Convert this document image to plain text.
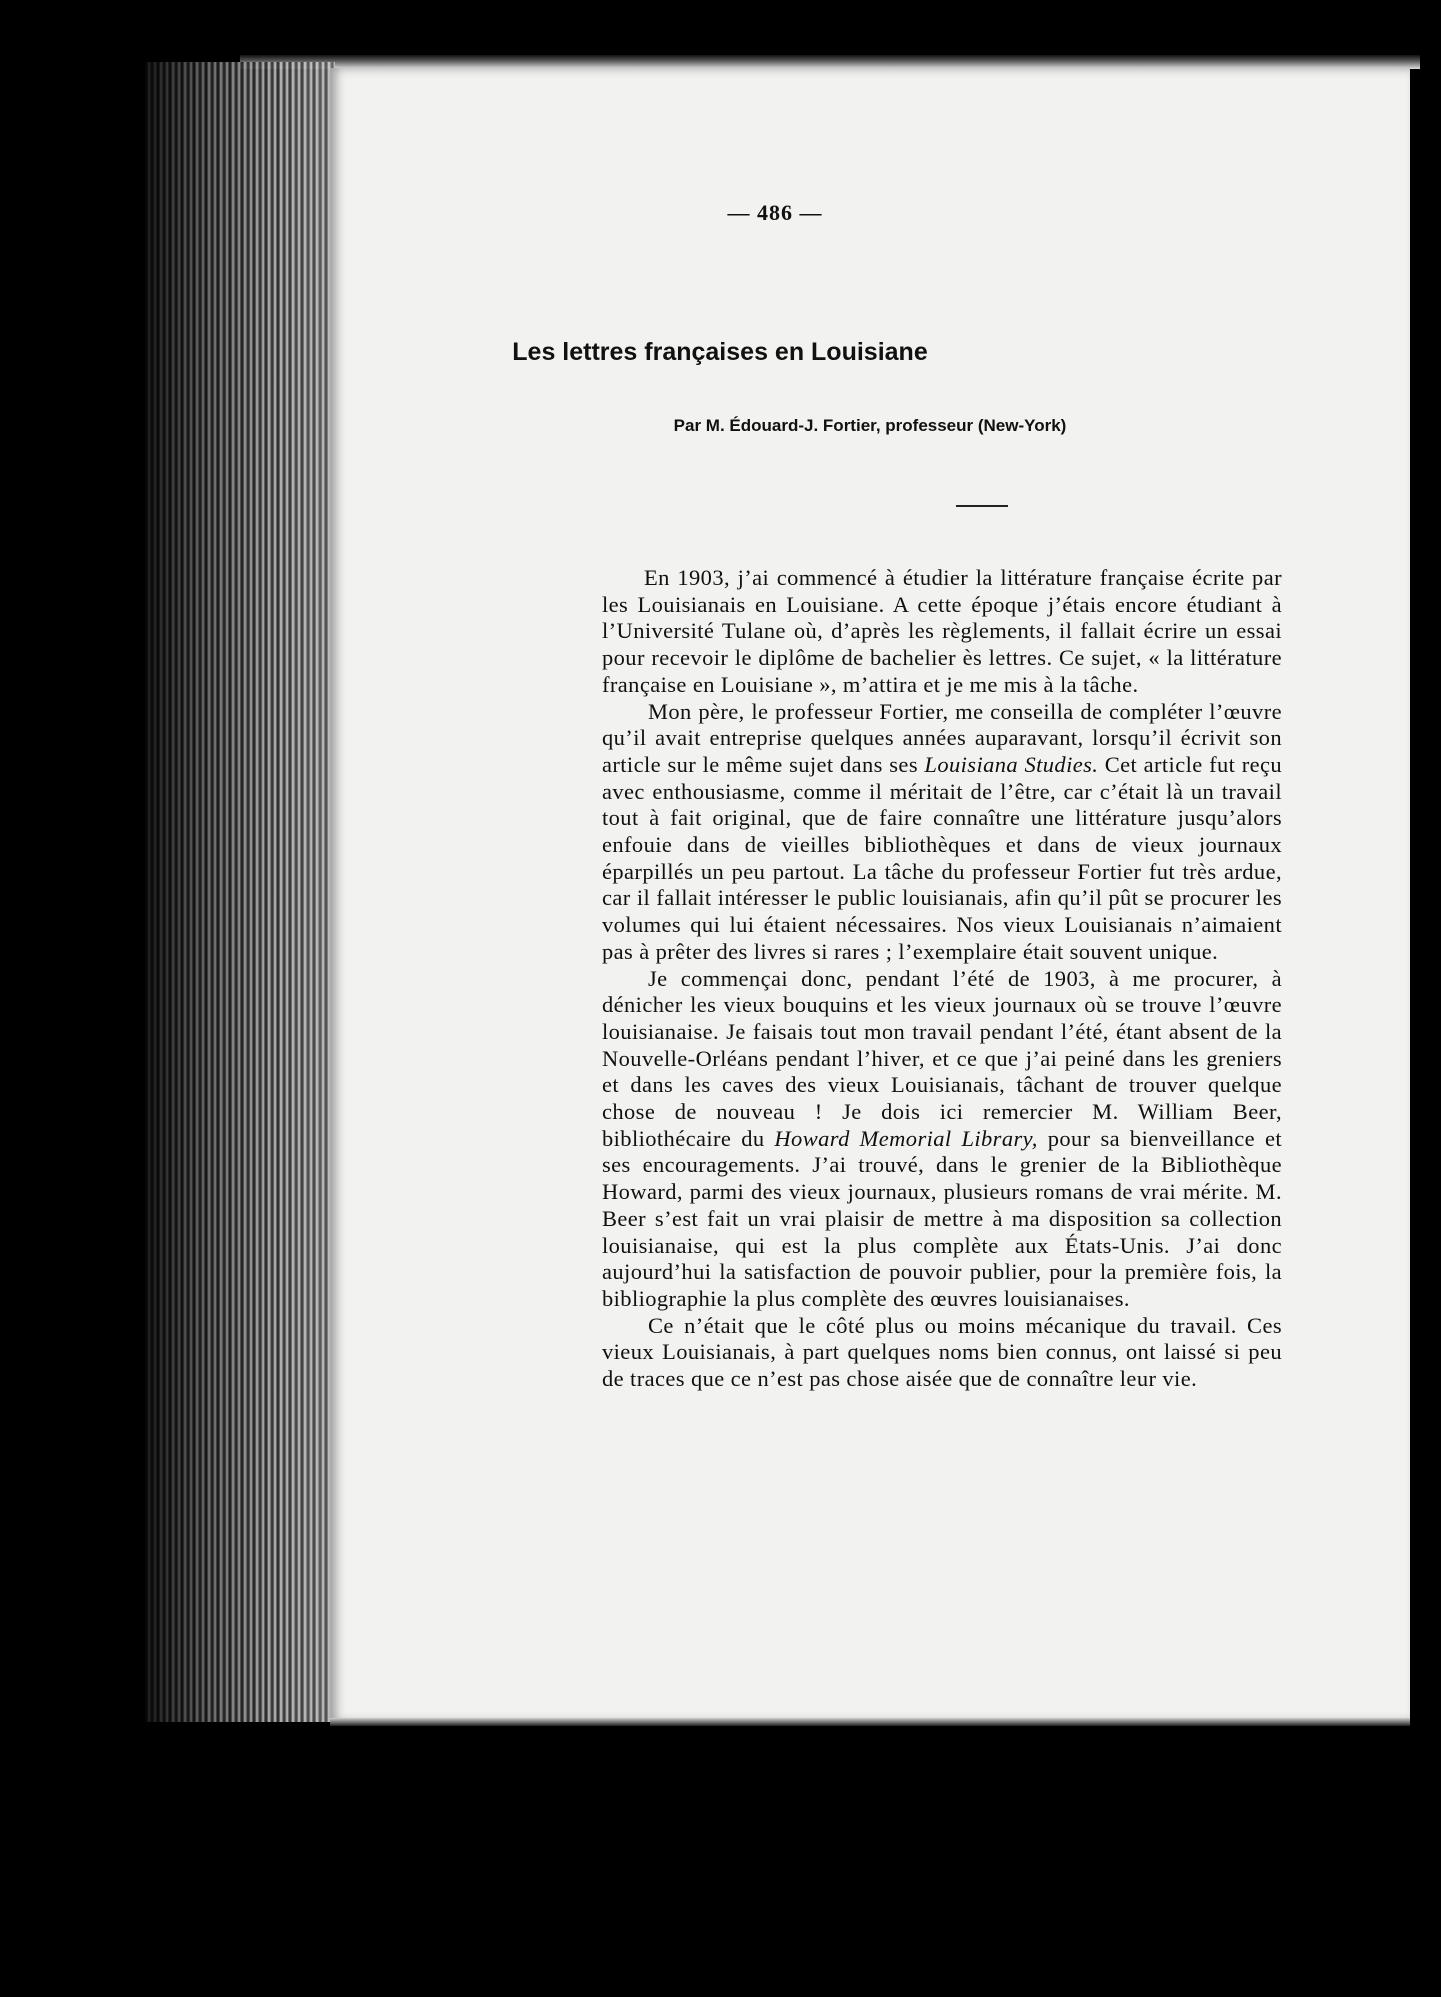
— 486 —
Les lettres françaises en Louisiane
Par M. Édouard-J. Fortier, professeur (New-York)

En 1903, j’ai commencé à étudier la littérature française écrite par les Louisianais en Louisiane. A cette époque j’étais encore étudiant à l’Université Tulane où, d’après les règlements, il fallait écrire un essai pour recevoir le diplôme de bachelier ès lettres. Ce sujet, « la littérature française en Louisiane », m’attira et je me mis à la tâche.

Mon père, le professeur Fortier, me conseilla de compléter l’œuvre qu’il avait entreprise quelques années auparavant, lorsqu’il écrivit son article sur le même sujet dans ses Louisiana Studies. Cet article fut reçu avec enthousiasme, comme il méritait de l’être, car c’était là un travail tout à fait original, que de faire connaître une littérature jusqu’alors enfouie dans de vieilles bibliothèques et dans de vieux journaux éparpillés un peu partout. La tâche du professeur Fortier fut très ardue, car il fallait intéresser le public louisianais, afin qu’il pût se procurer les volumes qui lui étaient nécessaires. Nos vieux Louisianais n’aimaient pas à prêter des livres si rares ; l’exemplaire était souvent unique.

Je commençai donc, pendant l’été de 1903, à me procurer, à dénicher les vieux bouquins et les vieux journaux où se trouve l’œuvre louisianaise. Je faisais tout mon travail pendant l’été, étant absent de la Nouvelle-Orléans pendant l’hiver, et ce que j’ai peiné dans les greniers et dans les caves des vieux Louisianais, tâchant de trouver quelque chose de nouveau ! Je dois ici remercier M. William Beer, bibliothécaire du Howard Memorial Library, pour sa bienveillance et ses encouragements. J’ai trouvé, dans le grenier de la Bibliothèque Howard, parmi des vieux journaux, plusieurs romans de vrai mérite. M. Beer s’est fait un vrai plaisir de mettre à ma disposition sa collection louisianaise, qui est la plus complète aux États-Unis. J’ai donc aujourd’hui la satisfaction de pouvoir publier, pour la première fois, la bibliographie la plus complète des œuvres louisianaises.

Ce n’était que le côté plus ou moins mécanique du travail. Ces vieux Louisianais, à part quelques noms bien connus, ont laissé si peu de traces que ce n’est pas chose aisée que de connaître leur vie.
